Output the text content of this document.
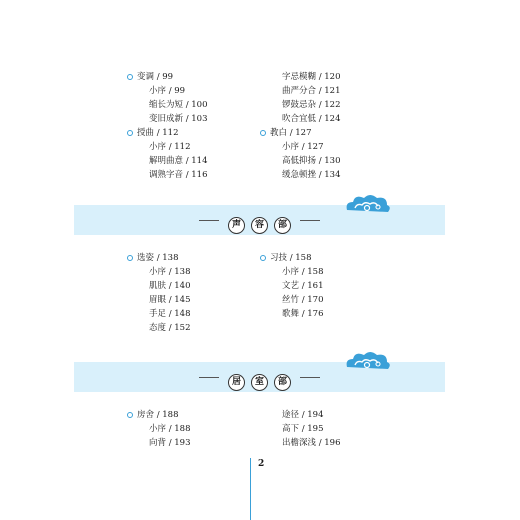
变调 / 99
小序 / 99
缩长为短 / 100
变旧成新 / 103
授曲 / 112
小序 / 112
解明曲意 / 114
调熟字音 / 116
字忌模糊 / 120
曲严分合 / 121
锣鼓忌杂 / 122
吹合宜低 / 124
教白 / 127
小序 / 127
高低抑扬 / 130
缓急顿挫 / 134
声 容 部
选姿 / 138
小序 / 138
肌肤 / 140
眉眼 / 145
手足 / 148
态度 / 152
习技 / 158
小序 / 158
文艺 / 161
丝竹 / 170
歌舞 / 176
居 室 部
房舍 / 188
小序 / 188
向背 / 193
途径 / 194
高下 / 195
出檐深浅 / 196
2
